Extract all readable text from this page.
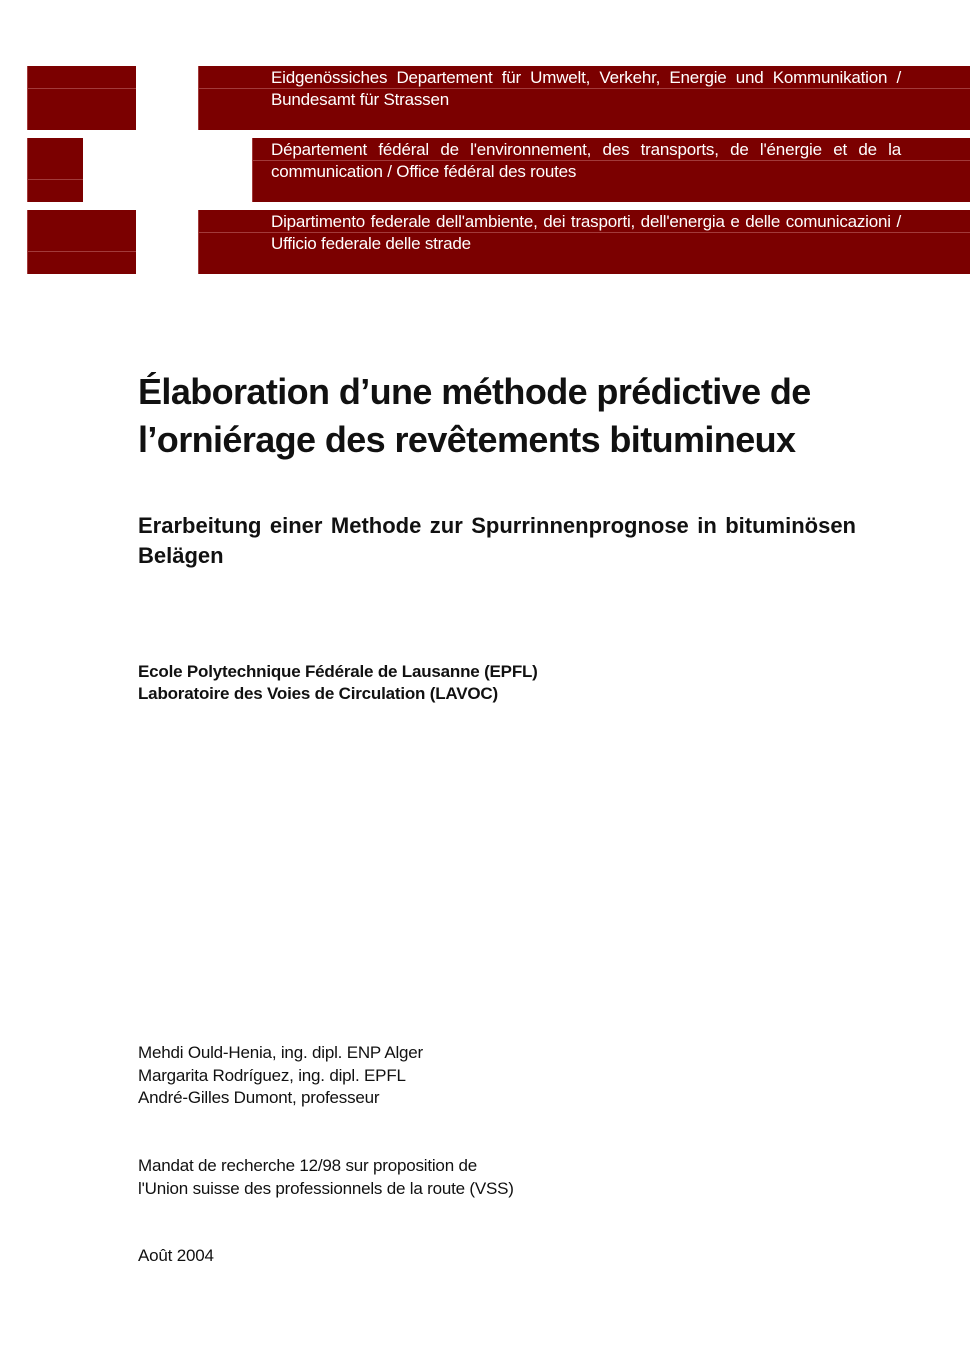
Eidgenössiches Departement für Umwelt, Verkehr, Energie und Kommunikation /
Bundesamt für Strassen
Département fédéral de l'environnement, des transports, de l'énergie et de la
communication / Office fédéral des routes
Dipartimento federale dell'ambiente, dei trasporti, dell'energia e delle comunicazioni /
Ufficio federale delle strade
Élaboration d’une méthode prédictive de
l’orniérage des revêtements bitumineux
Erarbeitung einer Methode zur Spurrinnenprognose in bituminösen
Belägen
Ecole Polytechnique Fédérale de Lausanne (EPFL)
Laboratoire des Voies de Circulation (LAVOC)
Mehdi Ould-Henia, ing. dipl. ENP Alger
Margarita Rodríguez, ing. dipl. EPFL
André-Gilles Dumont, professeur
Mandat de recherche 12/98 sur proposition de
l'Union suisse des professionnels de la route (VSS)
Août 2004
